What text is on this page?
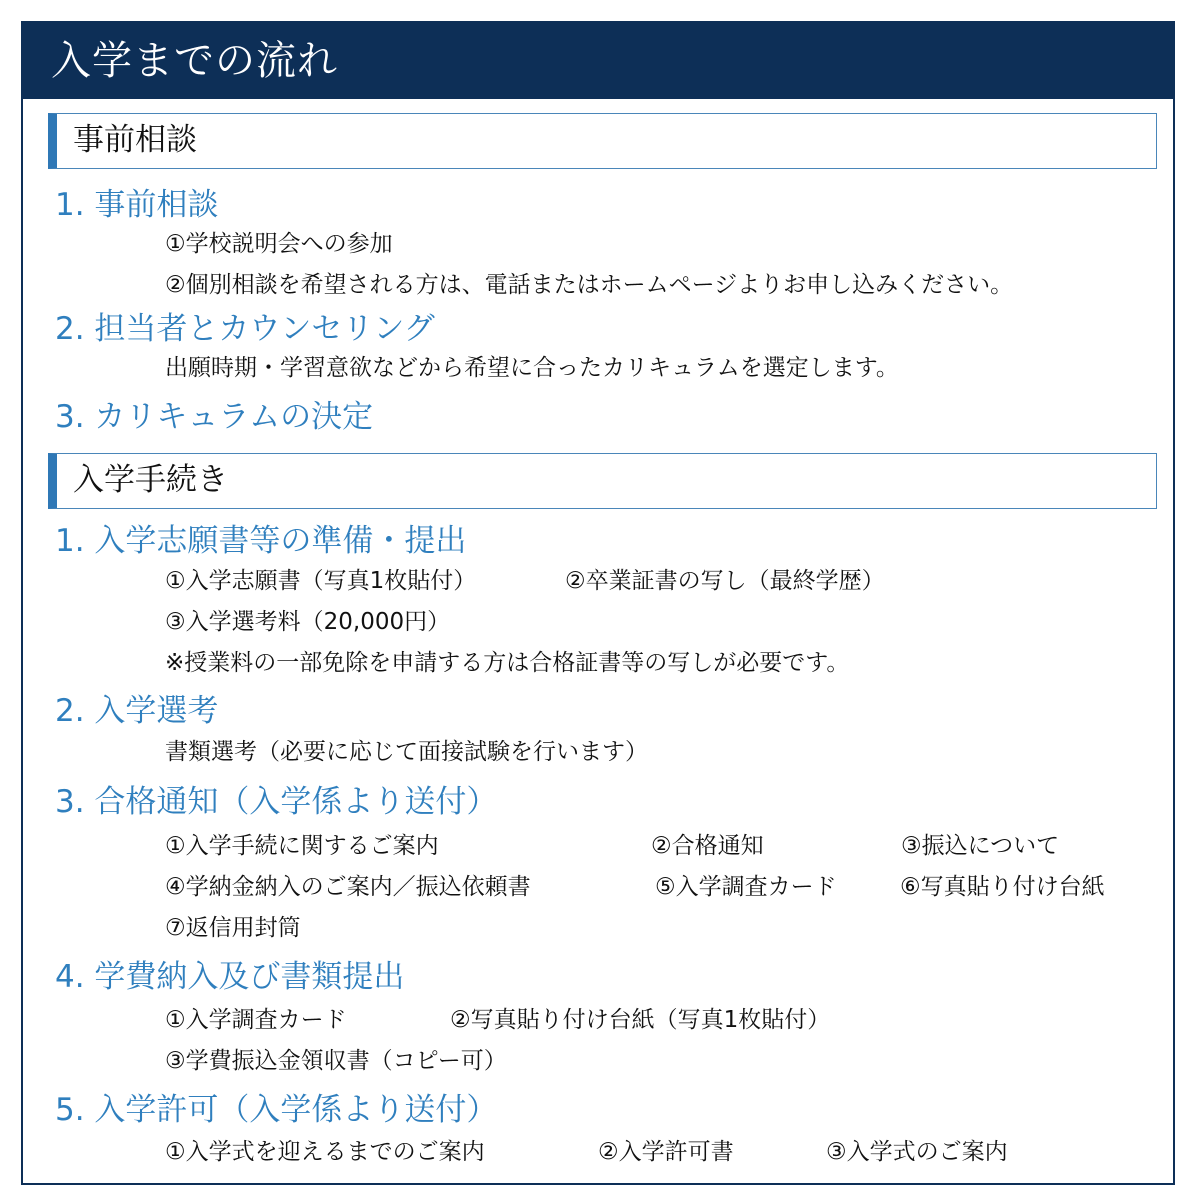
入学までの流れ
事前相談
1. 事前相談
①学校説明会への参加
②個別相談を希望される方は、電話またはホームページよりお申し込みください。
2. 担当者とカウンセリング
出願時期・学習意欲などから希望に合ったカリキュラムを選定します。
3. カリキュラムの決定
入学手続き
1. 入学志願書等の準備・提出
①入学志願書（写真1枚貼付）	②卒業証書の写し（最終学歴）
③入学選考料（20,000円）
※授業料の一部免除を申請する方は合格証書等の写しが必要です。
2. 入学選考
書類選考（必要に応じて面接試験を行います）
3. 合格通知（入学係より送付）
①入学手続に関するご案内	②合格通知	③振込について
④学納金納入のご案内／振込依頼書	⑤入学調査カード	⑥写真貼り付け台紙
⑦返信用封筒
4. 学費納入及び書類提出
①入学調査カード	②写真貼り付け台紙（写真1枚貼付）
③学費振込金領収書（コピー可）
5. 入学許可（入学係より送付）
①入学式を迎えるまでのご案内	②入学許可書	③入学式のご案内
